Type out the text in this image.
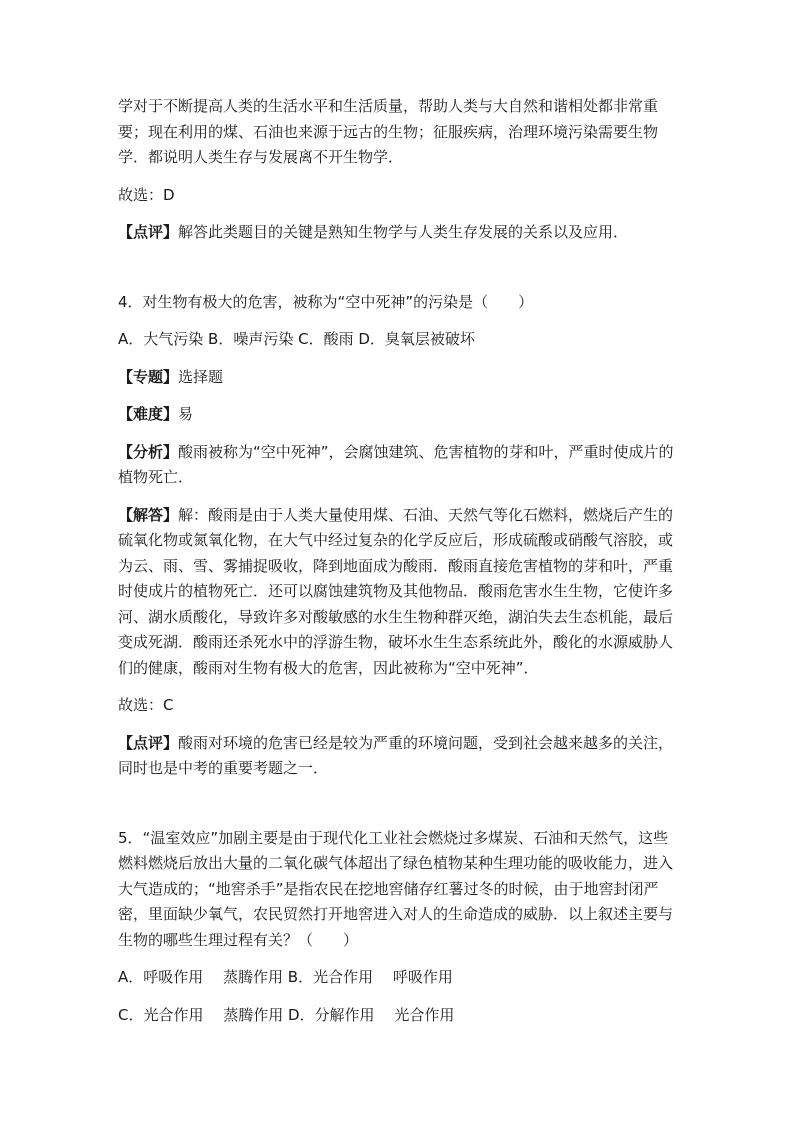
学对于不断提高人类的生活水平和生活质量，帮助人类与大自然和谐相处都非常重要；现在利用的煤、石油也来源于远古的生物；征服疾病，治理环境污染需要生物学．都说明人类生存与发展离不开生物学．

故选：D

【点评】解答此类题目的关键是熟知生物学与人类生存发展的关系以及应用．

4．对生物有极大的危害，被称为“空中死神”的污染是（　　）

A．大气污染 B．噪声污染 C．酸雨 D．臭氧层被破坏

【专题】选择题

【难度】易

【分析】酸雨被称为“空中死神”，会腐蚀建筑、危害植物的芽和叶，严重时使成片的植物死亡．

【解答】解：酸雨是由于人类大量使用煤、石油、天然气等化石燃料，燃烧后产生的硫氧化物或氮氧化物，在大气中经过复杂的化学反应后，形成硫酸或硝酸气溶胶，或为云、雨、雪、雾捕捉吸收，降到地面成为酸雨．酸雨直接危害植物的芽和叶，严重时使成片的植物死亡．还可以腐蚀建筑物及其他物品．酸雨危害水生生物，它使许多河、湖水质酸化，导致许多对酸敏感的水生生物种群灭绝，湖泊失去生态机能，最后变成死湖．酸雨还杀死水中的浮游生物，破坏水生生态系统此外，酸化的水源威胁人们的健康，酸雨对生物有极大的危害，因此被称为“空中死神”．

故选：C

【点评】酸雨对环境的危害已经是较为严重的环境问题，受到社会越来越多的关注，同时也是中考的重要考题之一．

5．“温室效应”加剧主要是由于现代化工业社会燃烧过多煤炭、石油和天然气，这些燃料燃烧后放出大量的二氧化碳气体超出了绿色植物某种生理功能的吸收能力，进入大气造成的；“地窖杀手”是指农民在挖地窖储存红薯过冬的时候，由于地窖封闭严密，里面缺少氧气，农民贸然打开地窖进入对人的生命造成的威胁．以上叙述主要与生物的哪些生理过程有关？（　　）

A．呼吸作用　 蒸腾作用 B．光合作用　 呼吸作用

C．光合作用　 蒸腾作用 D．分解作用　 光合作用
